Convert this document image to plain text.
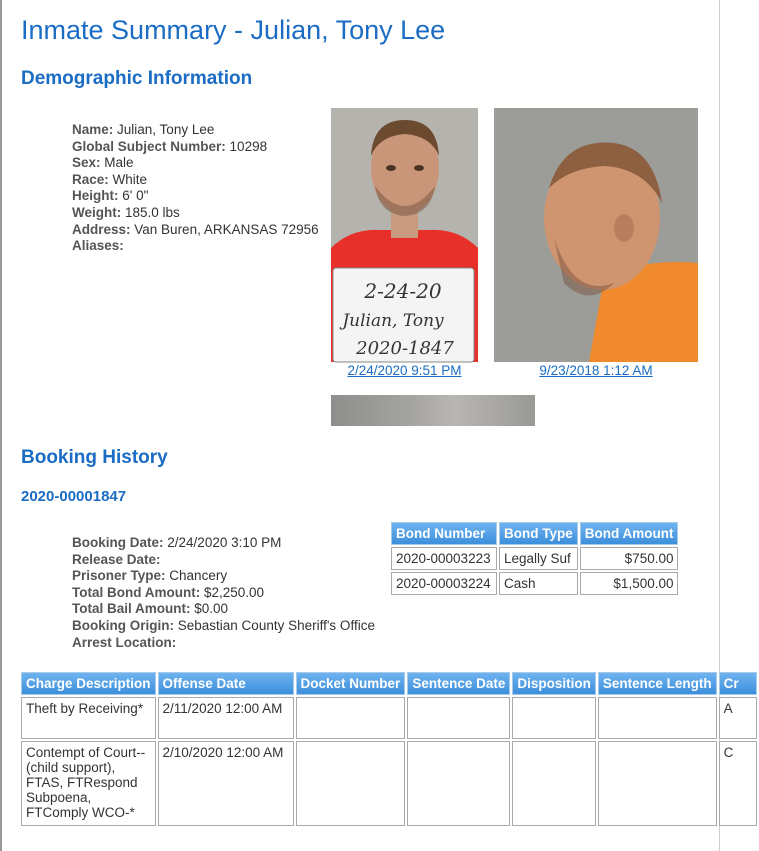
Inmate Summary - Julian, Tony Lee
Demographic Information
Name: Julian, Tony Lee
Global Subject Number: 10298
Sex: Male
Race: White
Height: 6' 0"
Weight: 185.0 lbs
Address: Van Buren, ARKANSAS 72956
Aliases:
2-24-20
Julian, Tony
2020-1847
2/24/2020 9:51 PM	9/23/2018 1:12 AM
Booking History
2020-00001847
Booking Date: 2/24/2020 3:10 PM
Release Date:
Prisoner Type: Chancery
Total Bond Amount: $2,250.00
Total Bail Amount: $0.00
Booking Origin: Sebastian County Sheriff's Office
Arrest Location:
Bond Number	Bond Type	Bond Amount
2020-00003223	Legally Suf	$750.00
2020-00003224	Cash	$1,500.00
Charge Description	Offense Date	Docket Number	Sentence Date	Disposition	Sentence Length	Cr
Theft by Receiving*	2/11/2020 12:00 AM					A
Contempt of Court--(child support), FTAS, FTRespond Subpoena, FTComply WCO-*	2/10/2020 12:00 AM					C
